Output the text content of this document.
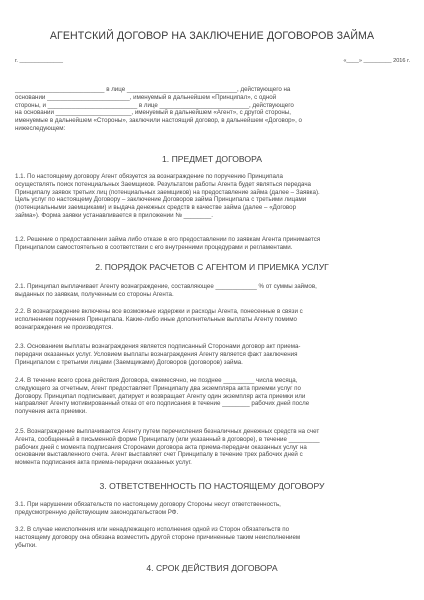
АГЕНТСКИЙ ДОГОВОР НА ЗАКЛЮЧЕНИЕ ДОГОВОРОВ ЗАЙМА
г. ______________	«____» _________ 2016 г.

__________________________ в лице ________________________________, действующего на
основании ________________________, именуемый в дальнейшем «Принципал», с одной
стороны, и __________________________ в лице __________________________, действующего
на основании ______________________, именуемый в дальнейшем «Агент», с другой стороны,
именуемые в дальнейшем «Стороны», заключили настоящий договор, в дальнейшем «Договор», о
нижеследующем:

1. ПРЕДМЕТ ДОГОВОРА

1.1. По настоящему договору Агент обязуется за вознаграждение по поручению Принципала
осуществлять поиск потенциальных Заемщиков. Результатом работы Агента будет являться передача
Принципалу заявок третьих лиц (потенциальных заемщиков) на предоставление займа (далее – Заявка).
Цель услуг по настоящему Договору – заключение Договоров займа Принципала с третьими лицами
(потенциальными заемщиками) и выдача денежных средств в качестве займа (далее – «Договор
займа»). Форма заявки устанавливается в приложении № ________.

1.2. Решение о предоставлении займа либо отказе в его предоставлении по заявкам Агента принимается
Принципалом самостоятельно в соответствии с его внутренними процедурами и регламентами.

2. ПОРЯДОК РАСЧЕТОВ С АГЕНТОМ И ПРИЕМКА УСЛУГ

2.1. Принципал выплачивает Агенту вознаграждение, составляющее ____________ % от суммы займов,
выданных по заявкам, полученным со стороны Агента.

2.2. В вознаграждение включены все возможные издержки и расходы Агента, понесенные в связи с
исполнением поручения Принципала. Какие-либо иные дополнительные выплаты Агенту помимо
вознаграждения не производятся.

2.3. Основанием выплаты вознаграждения является подписанный Сторонами договор акт приема-
передачи оказанных услуг. Условием выплаты вознаграждения Агенту является факт заключения
Принципалом с третьими лицами (Заемщиками) Договоров (договоров) займа.

2.4. В течение всего срока действия Договора, ежемесячно, не позднее _________ числа месяца,
следующего за отчетным, Агент предоставляет Принципалу два экземпляра акта приемки услуг по
Договору. Принципал подписывает, датирует и возвращает Агенту один экземпляр акта приемки или
направляет Агенту мотивированный отказ от его подписания в течение ________ рабочих дней после
получения акта приемки.

2.5. Вознаграждение выплачивается Агенту путем перечисления безналичных денежных средств на счет
Агента, сообщенный в письменной форме Принципалу (или указанный в договоре), в течение _________
рабочих дней с момента подписания Сторонами договора акта приема-передачи оказанных услуг на
основании выставленного счета. Агент выставляет счет Принципалу в течение трех рабочих дней с
момента подписания акта приема-передачи оказанных услуг.

3. ОТВЕТСТВЕННОСТЬ ПО НАСТОЯЩЕМУ ДОГОВОРУ

3.1. При нарушении обязательств по настоящему договору Стороны несут ответственность,
предусмотренную действующим законодательством РФ.

3.2. В случае неисполнения или ненадлежащего исполнения одной из Сторон обязательств по
настоящему договору она обязана возместить другой стороне причиненные таким неисполнением
убытки.

4. СРОК ДЕЙСТВИЯ ДОГОВОРА
